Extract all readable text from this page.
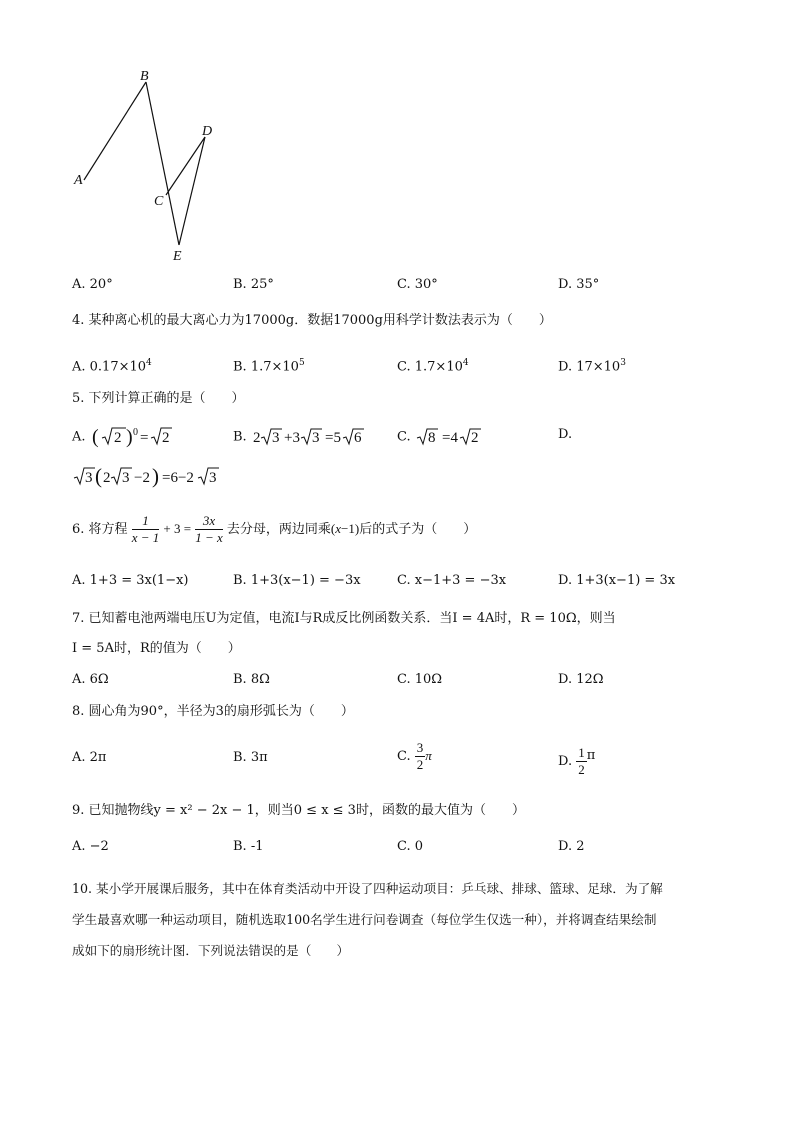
A
B
C
D
E
A. 20°	B. 25°	C. 30°	D. 35°
4. 某种离心机的最大离心力为17000g．数据17000g用科学计数法表示为（　　）
A. $0.17\times 10^4$	B. $1.7\times 10^5$	C. $1.7\times 10^4$	D. $17\times 10^3$
5. 下列计算正确的是（　　）
A. ( 2 ) 0 = 2	B. 2 3 +3 3 =5 6	C. 8 =4 2	D.
3 ( 2 3 −2 ) =6−2 3
6. 将方程 $\frac{1}{x - 1} + 3 = \frac{3x}{1 - x}$ 去分母，两边同乘(x−1)后的式子为（　　）
A. 1+3 = 3x(1−x)	B. 1+3(x−1) = −3x	C. x−1+3 = −3x	D. 1+3(x−1) = 3x
7. 已知蓄电池两端电压U为定值，电流I与R成反比例函数关系．当I = 4A时，R = 10Ω，则当
I = 5A时，R的值为（　　）
A. 6Ω	B. 8Ω	C. 10Ω	D. 12Ω
8. 圆心角为90°，半径为3的扇形弧长为（　　）
A. 2π	B. 3π	C. $\frac{3}{2}$ π	D. $\frac{1}{2}$ π
9. 已知抛物线y = x² − 2x − 1，则当0 ≤ x ≤ 3时，函数的最大值为（　　）
A. −2	B. -1	C. 0	D. 2
10. 某小学开展课后服务，其中在体育类活动中开设了四种运动项目：乒乓球、排球、篮球、足球．为了解
学生最喜欢哪一种运动项目，随机选取100名学生进行问卷调查（每位学生仅选一种），并将调查结果绘制
成如下的扇形统计图．下列说法错误的是（　　）
